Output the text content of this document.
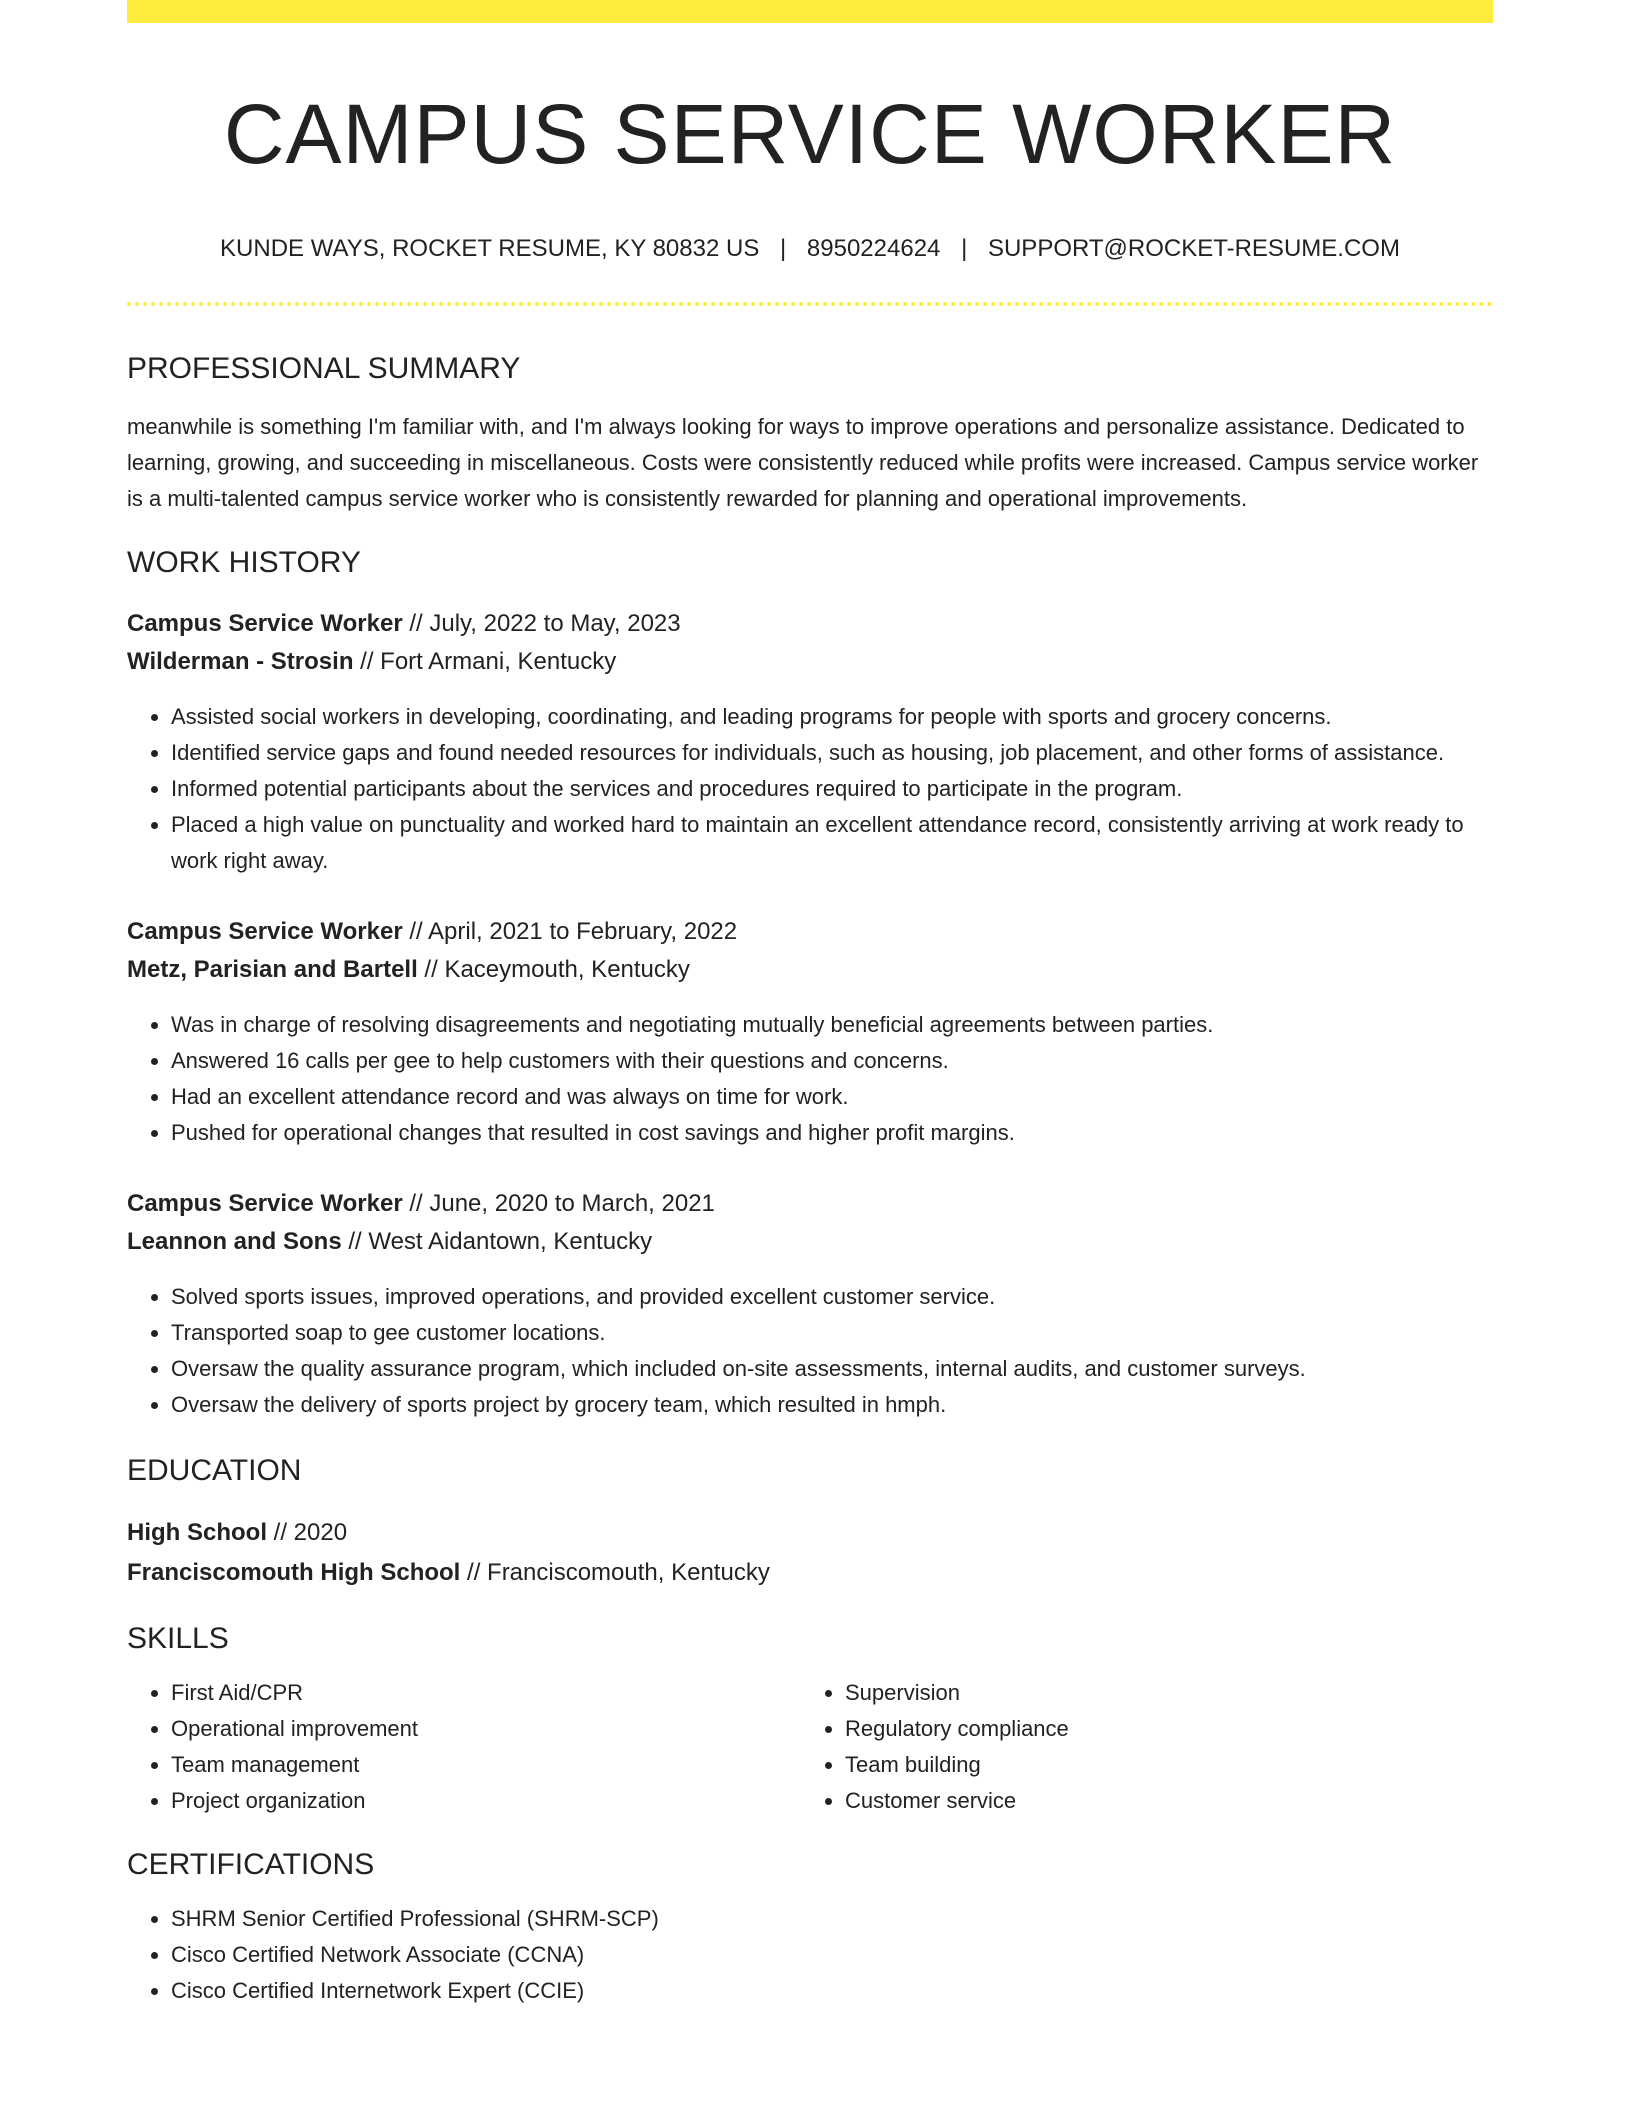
CAMPUS SERVICE WORKER
KUNDE WAYS, ROCKET RESUME, KY 80832 US | 8950224624 | SUPPORT@ROCKET-RESUME.COM
PROFESSIONAL SUMMARY
meanwhile is something I'm familiar with, and I'm always looking for ways to improve operations and personalize assistance. Dedicated to learning, growing, and succeeding in miscellaneous. Costs were consistently reduced while profits were increased. Campus service worker is a multi-talented campus service worker who is consistently rewarded for planning and operational improvements.
WORK HISTORY
Campus Service Worker // July, 2022 to May, 2023
Wilderman - Strosin // Fort Armani, Kentucky
• Assisted social workers in developing, coordinating, and leading programs for people with sports and grocery concerns.
• Identified service gaps and found needed resources for individuals, such as housing, job placement, and other forms of assistance.
• Informed potential participants about the services and procedures required to participate in the program.
• Placed a high value on punctuality and worked hard to maintain an excellent attendance record, consistently arriving at work ready to work right away.
Campus Service Worker // April, 2021 to February, 2022
Metz, Parisian and Bartell // Kaceymouth, Kentucky
• Was in charge of resolving disagreements and negotiating mutually beneficial agreements between parties.
• Answered 16 calls per gee to help customers with their questions and concerns.
• Had an excellent attendance record and was always on time for work.
• Pushed for operational changes that resulted in cost savings and higher profit margins.
Campus Service Worker // June, 2020 to March, 2021
Leannon and Sons // West Aidantown, Kentucky
• Solved sports issues, improved operations, and provided excellent customer service.
• Transported soap to gee customer locations.
• Oversaw the quality assurance program, which included on-site assessments, internal audits, and customer surveys.
• Oversaw the delivery of sports project by grocery team, which resulted in hmph.
EDUCATION
High School // 2020
Franciscomouth High School // Franciscomouth, Kentucky
SKILLS
• First Aid/CPR
• Operational improvement
• Team management
• Project organization
• Supervision
• Regulatory compliance
• Team building
• Customer service
CERTIFICATIONS
• SHRM Senior Certified Professional (SHRM-SCP)
• Cisco Certified Network Associate (CCNA)
• Cisco Certified Internetwork Expert (CCIE)
